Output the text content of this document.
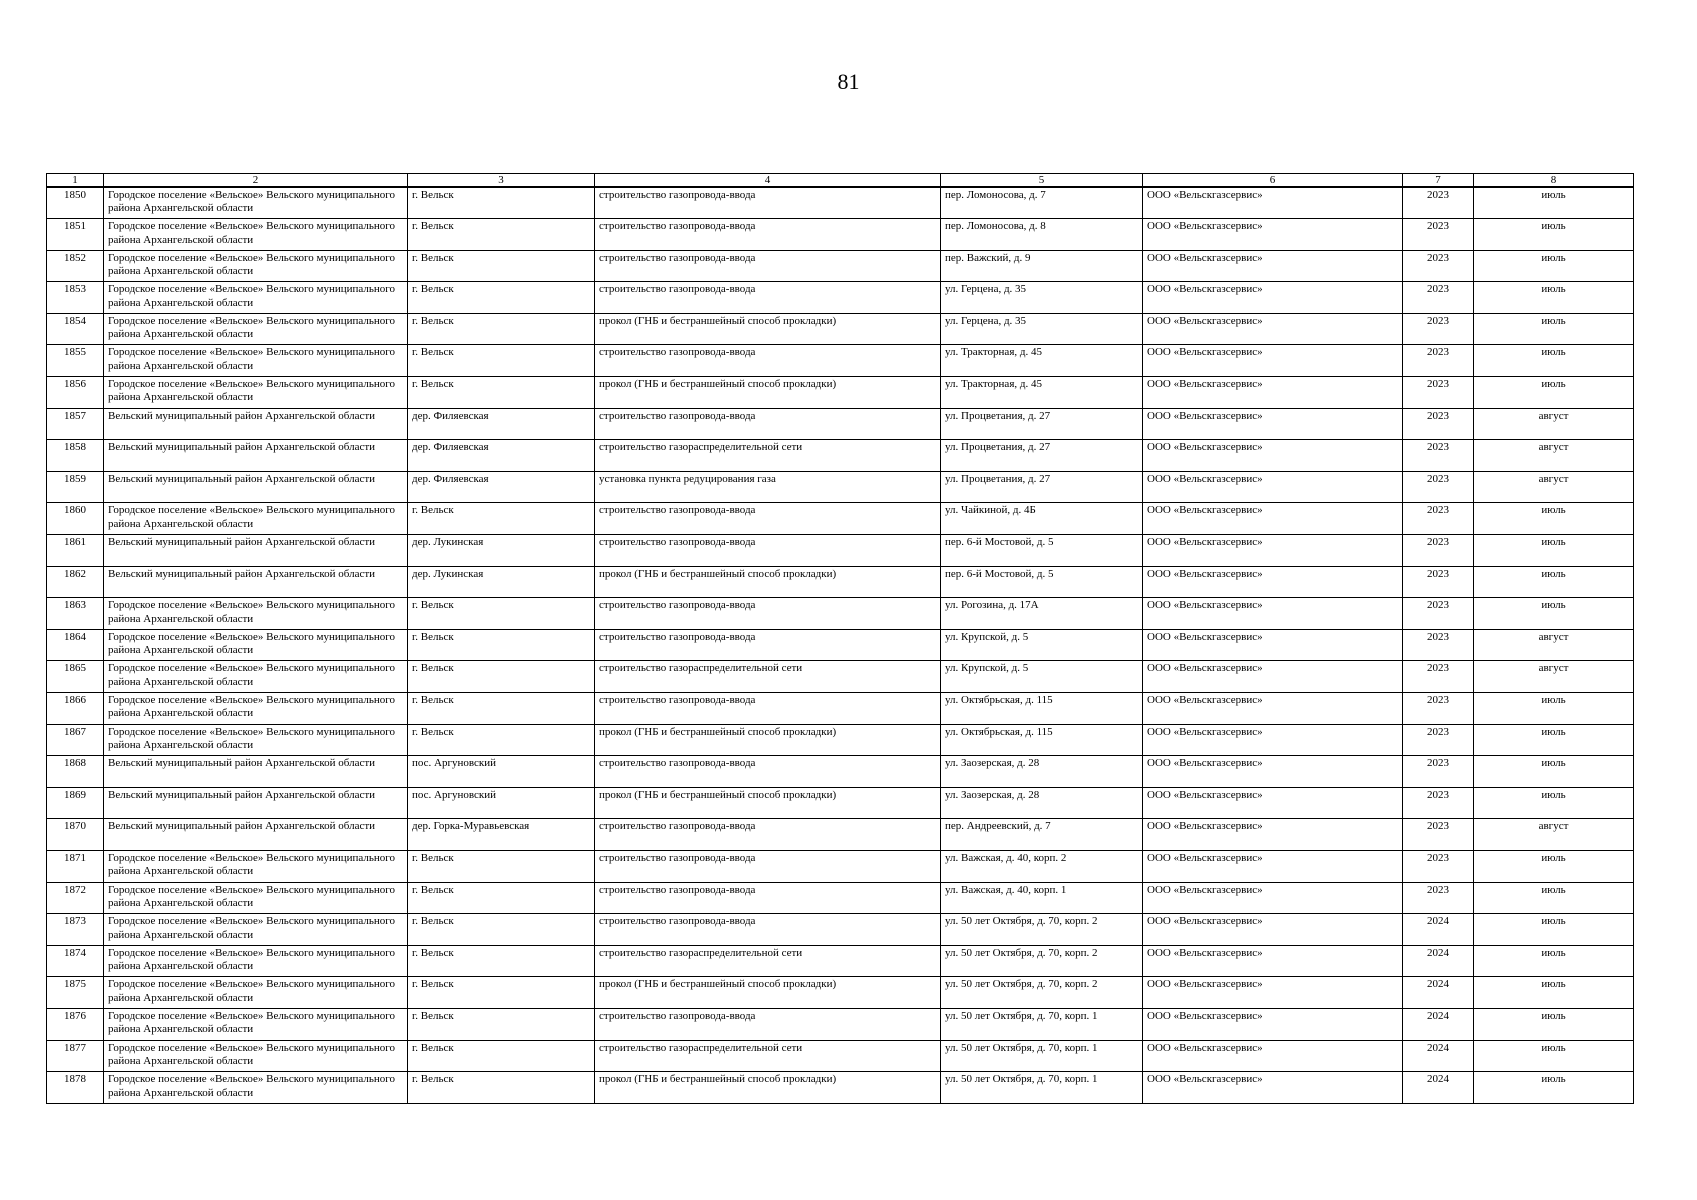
81
1	2	3	4	5	6	7	8
1850	Городское поселение «Вельское» Вельского муниципального района Архангельской области	г. Вельск	строительство газопровода-ввода	пер. Ломоносова, д. 7	ООО «Вельскгазсервис»	2023	июль
1851	Городское поселение «Вельское» Вельского муниципального района Архангельской области	г. Вельск	строительство газопровода-ввода	пер. Ломоносова, д. 8	ООО «Вельскгазсервис»	2023	июль
1852	Городское поселение «Вельское» Вельского муниципального района Архангельской области	г. Вельск	строительство газопровода-ввода	пер. Важский, д. 9	ООО «Вельскгазсервис»	2023	июль
1853	Городское поселение «Вельское» Вельского муниципального района Архангельской области	г. Вельск	строительство газопровода-ввода	ул. Герцена, д. 35	ООО «Вельскгазсервис»	2023	июль
1854	Городское поселение «Вельское» Вельского муниципального района Архангельской области	г. Вельск	прокол (ГНБ и бестраншейный способ прокладки)	ул. Герцена, д. 35	ООО «Вельскгазсервис»	2023	июль
1855	Городское поселение «Вельское» Вельского муниципального района Архангельской области	г. Вельск	строительство газопровода-ввода	ул. Тракторная, д. 45	ООО «Вельскгазсервис»	2023	июль
1856	Городское поселение «Вельское» Вельского муниципального района Архангельской области	г. Вельск	прокол (ГНБ и бестраншейный способ прокладки)	ул. Тракторная, д. 45	ООО «Вельскгазсервис»	2023	июль
1857	Вельский муниципальный район Архангельской области	дер. Филяевская	строительство газопровода-ввода	ул. Процветания, д. 27	ООО «Вельскгазсервис»	2023	август
1858	Вельский муниципальный район Архангельской области	дер. Филяевская	строительство газораспределительной сети	ул. Процветания, д. 27	ООО «Вельскгазсервис»	2023	август
1859	Вельский муниципальный район Архангельской области	дер. Филяевская	установка пункта редуцирования газа	ул. Процветания, д. 27	ООО «Вельскгазсервис»	2023	август
1860	Городское поселение «Вельское» Вельского муниципального района Архангельской области	г. Вельск	строительство газопровода-ввода	ул. Чайкиной, д. 4Б	ООО «Вельскгазсервис»	2023	июль
1861	Вельский муниципальный район Архангельской области	дер. Лукинская	строительство газопровода-ввода	пер. 6-й Мостовой, д. 5	ООО «Вельскгазсервис»	2023	июль
1862	Вельский муниципальный район Архангельской области	дер. Лукинская	прокол (ГНБ и бестраншейный способ прокладки)	пер. 6-й Мостовой, д. 5	ООО «Вельскгазсервис»	2023	июль
1863	Городское поселение «Вельское» Вельского муниципального района Архангельской области	г. Вельск	строительство газопровода-ввода	ул. Рогозина, д. 17А	ООО «Вельскгазсервис»	2023	июль
1864	Городское поселение «Вельское» Вельского муниципального района Архангельской области	г. Вельск	строительство газопровода-ввода	ул. Крупской, д. 5	ООО «Вельскгазсервис»	2023	август
1865	Городское поселение «Вельское» Вельского муниципального района Архангельской области	г. Вельск	строительство газораспределительной сети	ул. Крупской, д. 5	ООО «Вельскгазсервис»	2023	август
1866	Городское поселение «Вельское» Вельского муниципального района Архангельской области	г. Вельск	строительство газопровода-ввода	ул. Октябрьская, д. 115	ООО «Вельскгазсервис»	2023	июль
1867	Городское поселение «Вельское» Вельского муниципального района Архангельской области	г. Вельск	прокол (ГНБ и бестраншейный способ прокладки)	ул. Октябрьская, д. 115	ООО «Вельскгазсервис»	2023	июль
1868	Вельский муниципальный район Архангельской области	пос. Аргуновский	строительство газопровода-ввода	ул. Заозерская, д. 28	ООО «Вельскгазсервис»	2023	июль
1869	Вельский муниципальный район Архангельской области	пос. Аргуновский	прокол (ГНБ и бестраншейный способ прокладки)	ул. Заозерская, д. 28	ООО «Вельскгазсервис»	2023	июль
1870	Вельский муниципальный район Архангельской области	дер. Горка-Муравьевская	строительство газопровода-ввода	пер. Андреевский, д. 7	ООО «Вельскгазсервис»	2023	август
1871	Городское поселение «Вельское» Вельского муниципального района Архангельской области	г. Вельск	строительство газопровода-ввода	ул. Важская, д. 40, корп. 2	ООО «Вельскгазсервис»	2023	июль
1872	Городское поселение «Вельское» Вельского муниципального района Архангельской области	г. Вельск	строительство газопровода-ввода	ул. Важская, д. 40, корп. 1	ООО «Вельскгазсервис»	2023	июль
1873	Городское поселение «Вельское» Вельского муниципального района Архангельской области	г. Вельск	строительство газопровода-ввода	ул. 50 лет Октября, д. 70, корп. 2	ООО «Вельскгазсервис»	2024	июль
1874	Городское поселение «Вельское» Вельского муниципального района Архангельской области	г. Вельск	строительство газораспределительной сети	ул. 50 лет Октября, д. 70, корп. 2	ООО «Вельскгазсервис»	2024	июль
1875	Городское поселение «Вельское» Вельского муниципального района Архангельской области	г. Вельск	прокол (ГНБ и бестраншейный способ прокладки)	ул. 50 лет Октября, д. 70, корп. 2	ООО «Вельскгазсервис»	2024	июль
1876	Городское поселение «Вельское» Вельского муниципального района Архангельской области	г. Вельск	строительство газопровода-ввода	ул. 50 лет Октября, д. 70, корп. 1	ООО «Вельскгазсервис»	2024	июль
1877	Городское поселение «Вельское» Вельского муниципального района Архангельской области	г. Вельск	строительство газораспределительной сети	ул. 50 лет Октября, д. 70, корп. 1	ООО «Вельскгазсервис»	2024	июль
1878	Городское поселение «Вельское» Вельского муниципального района Архангельской области	г. Вельск	прокол (ГНБ и бестраншейный способ прокладки)	ул. 50 лет Октября, д. 70, корп. 1	ООО «Вельскгазсервис»	2024	июль
